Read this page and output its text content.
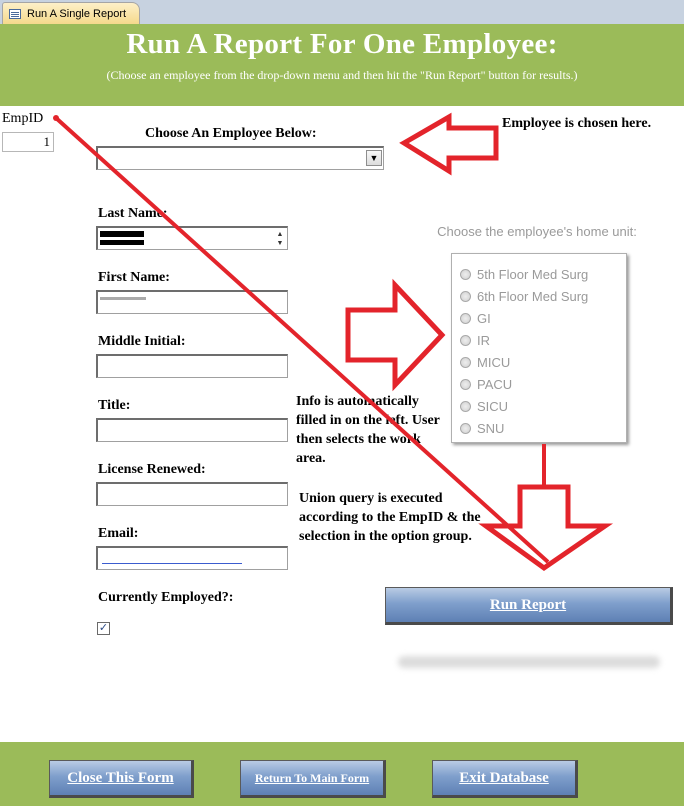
Run A Single Report
Run A Report For One Employee:
(Choose an employee from the drop-down menu and then hit the "Run Report" button for results.)
EmpID
1
Choose An Employee Below:
▼
Last Name:
▲
▼
First Name:
Middle Initial:
Title:
License Renewed:
Email:
Currently Employed?:
✓
Choose the employee's home unit:
5th Floor Med Surg
6th Floor Med Surg
GI
IR
MICU
PACU
SICU
SNU
Run Report
Employee is chosen here.
Info is automatically filled in on the left. User then selects the work area.
Union query is executed according to the EmpID & the selection in the option group.
Close This Form	Return To Main Form	Exit Database
